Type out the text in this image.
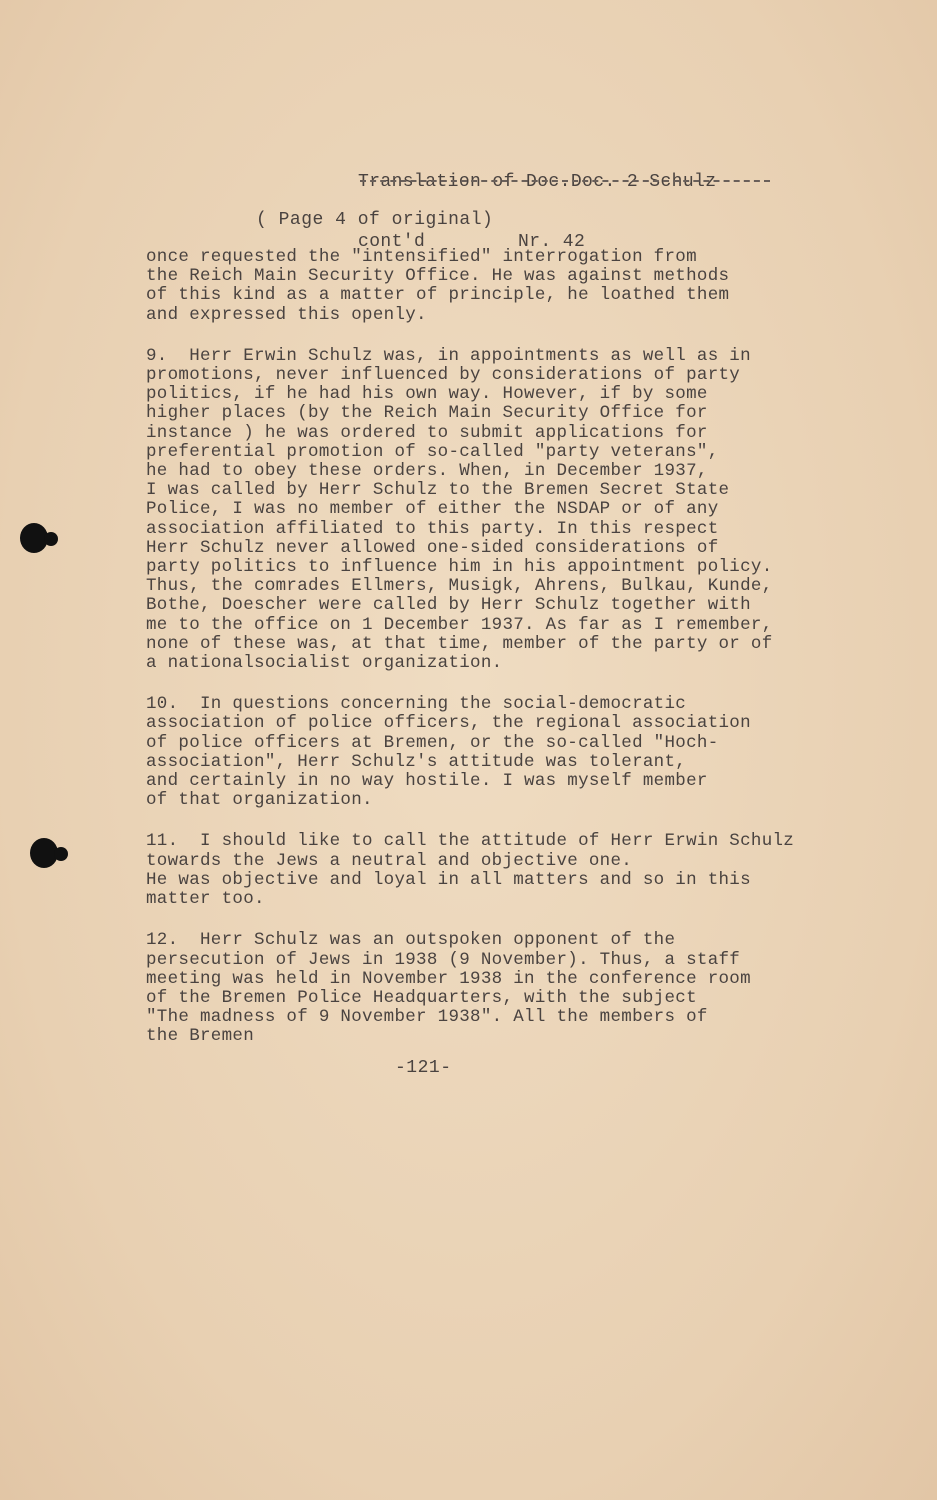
Translation of Doc.Doc. 2 Schulz

cont'd	Nr. 42

( Page 4 of original)
once requested the "intensified" interrogation from
the Reich Main Security Office. He was against methods
of this kind as a matter of principle, he loathed them
and expressed this openly.
9.  Herr Erwin Schulz was, in appointments as well as in
promotions, never influenced by considerations of party
politics, if he had his own way. However, if by some
higher places (by the Reich Main Security Office for
instance ) he was ordered to submit applications for
preferential promotion of so-called "party veterans",
he had to obey these orders. When, in December 1937,
I was called by Herr Schulz to the Bremen Secret State
Police, I was no member of either the NSDAP or of any
association affiliated to this party. In this respect
Herr Schulz never allowed one-sided considerations of
party politics to influence him in his appointment policy.
Thus, the comrades Ellmers, Musigk, Ahrens, Bulkau, Kunde,
Bothe, Doescher were called by Herr Schulz together with
me to the office on 1 December 1937. As far as I remember,
none of these was, at that time, member of the party or of
a nationalsocialist organization.
10.  In questions concerning the social-democratic
association of police officers, the regional association
of police officers at Bremen, or the so-called "Hoch-
association", Herr Schulz's attitude was tolerant,
and certainly in no way hostile. I was myself member
of that organization.
11.  I should like to call the attitude of Herr Erwin Schulz
towards the Jews a neutral and objective one.
He was objective and loyal in all matters and so in this
matter too.
12.  Herr Schulz was an outspoken opponent of the
persecution of Jews in 1938 (9 November). Thus, a staff
meeting was held in November 1938 in the conference room
of the Bremen Police Headquarters, with the subject
"The madness of 9 November 1938". All the members of
the Bremen
-121-
